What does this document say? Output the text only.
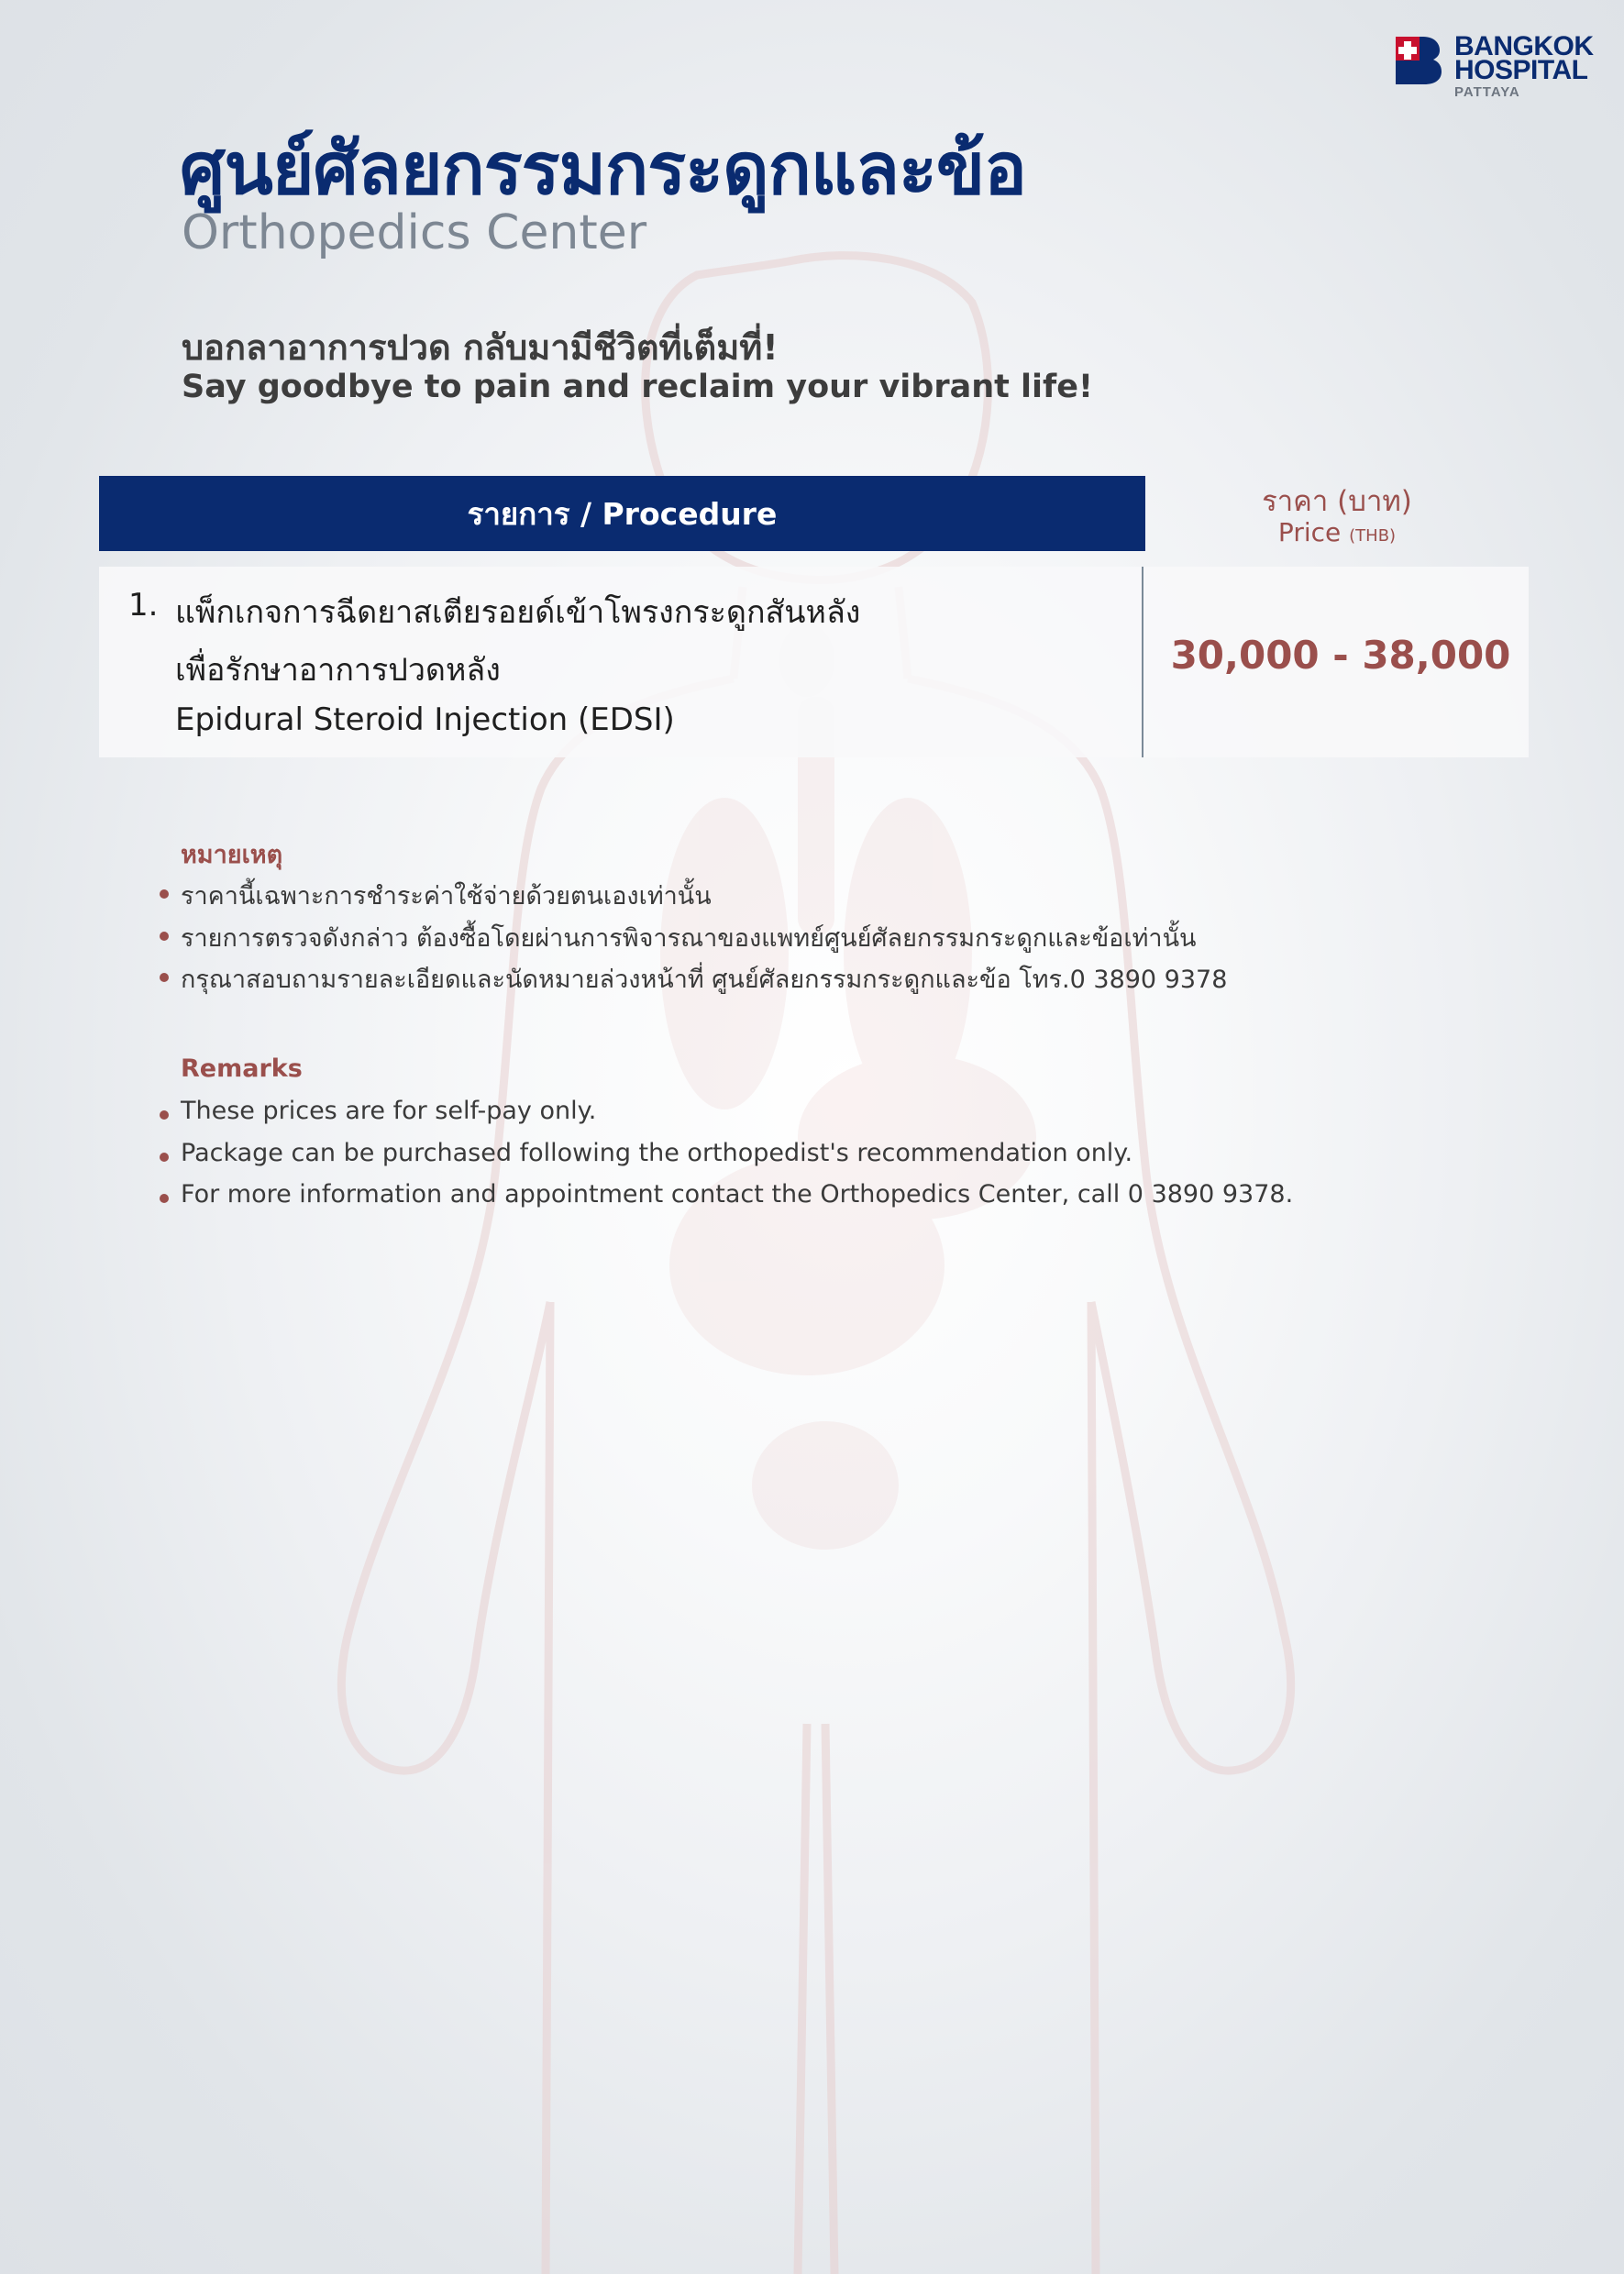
BANGKOK
HOSPITAL
PATTAYA
ศูนย์ศัลยกรรมกระดูกและข้อ
Orthopedics Center
บอกลาอาการปวด กลับมามีชีวิตที่เต็มที่!
Say goodbye to pain and reclaim your vibrant life!
รายการ / Procedure	ราคา (บาท)
Price (THB)
1. แพ็กเกจการฉีดยาสเตียรอยด์เข้าโพรงกระดูกสันหลัง
เพื่อรักษาอาการปวดหลัง
Epidural Steroid Injection (EDSI)
30,000 - 38,000
หมายเหตุ
ราคานี้เฉพาะการชำระค่าใช้จ่ายด้วยตนเองเท่านั้น
รายการตรวจดังกล่าว ต้องซื้อโดยผ่านการพิจารณาของแพทย์ศูนย์ศัลยกรรมกระดูกและข้อเท่านั้น
กรุณาสอบถามรายละเอียดและนัดหมายล่วงหน้าที่ ศูนย์ศัลยกรรมกระดูกและข้อ โทร.0 3890 9378
Remarks
These prices are for self-pay only.
Package can be purchased following the orthopedist's recommendation only.
For more information and appointment contact the Orthopedics Center, call 0 3890 9378.
